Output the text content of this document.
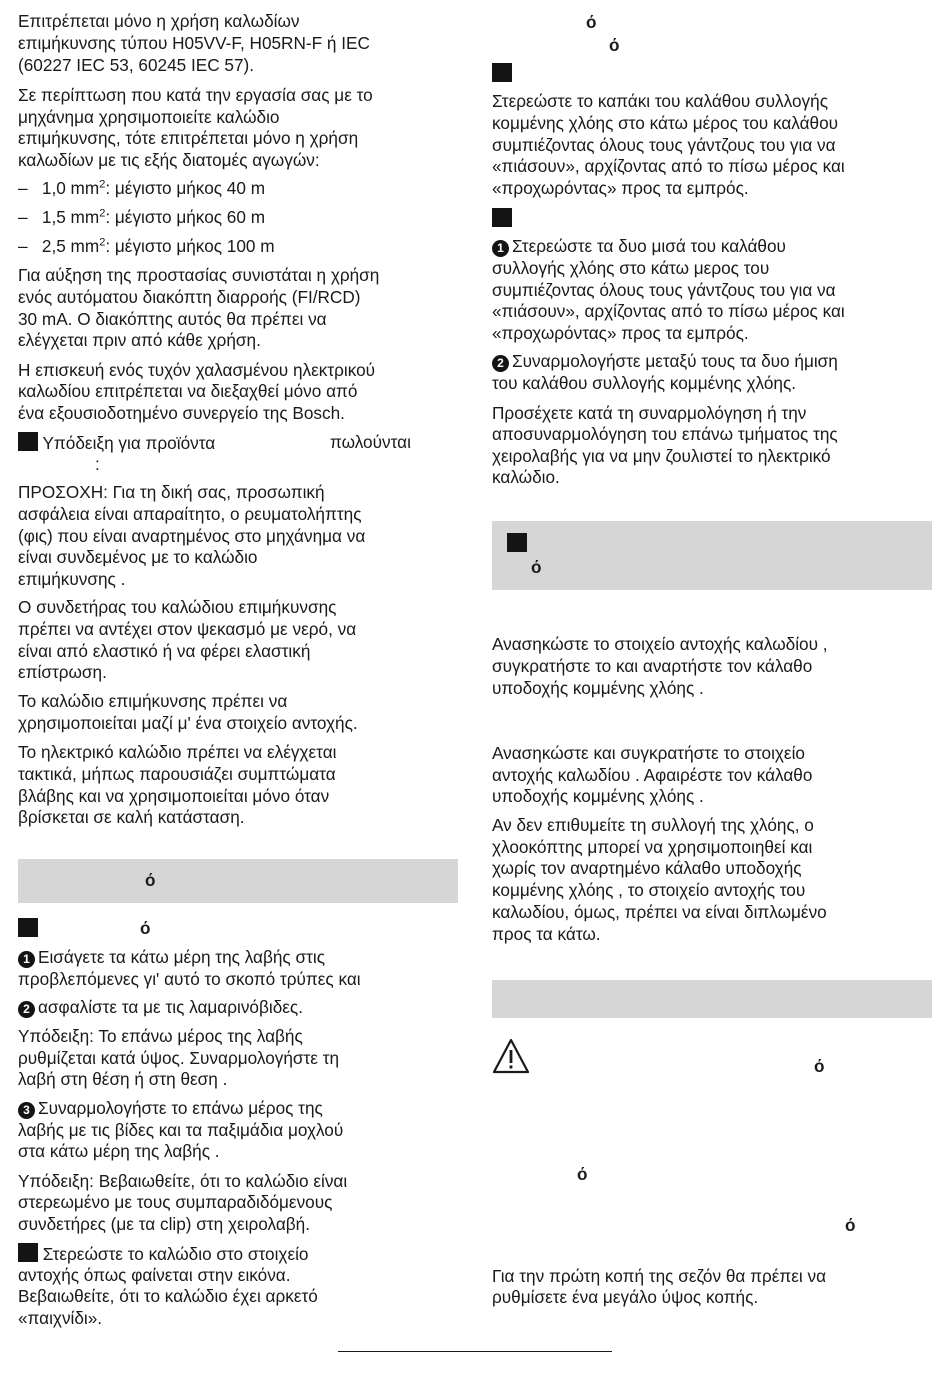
Επιτρέπεται μόνο η χρήση καλωδίων
επιμήκυνσης τύπου H05VV-F, H05RN-F ή IEC
(60227 IEC 53, 60245 IEC 57).
Σε περίπτωση που κατά την εργασία σας με το
μηχάνημα χρησιμοποιείτε καλώδιο
επιμήκυνσης, τότε επιτρέπεται μόνο η χρήση
καλωδίων με τις εξής διατομές αγωγών:
– 1,0 $mm^2$: μέγιστο μήκος 40 m
– 1,5 $mm^2$: μέγιστο μήκος 60 m
– 2,5 $mm^2$: μέγιστο μήκος 100 m
Για αύξηση της προστασίας συνιστάται η χρήση
ενός αυτόματου διακόπτη διαρροής (FI/RCD)
30 mA. Ο διακόπτης αυτός θα πρέπει να
ελέγχεται πριν από κάθε χρήση.
Η επισκευή ενός τυχόν χαλασμένου ηλεκτρικού
καλωδίου επιτρέπεται να διεξαχθεί μόνο από
ένα εξουσιοδοτημένο συνεργείο της Bosch.
Υπόδειξη για προϊόντα	πωλούνται
:
ΠΡΟΣΟΧΗ: Για τη δική σας, προσωπική
ασφάλεια είναι απαραίτητο, ο ρευματολήπτης
(φις) που είναι αναρτημένος στο μηχάνημα να
είναι συνδεμένος με το καλώδιο
επιμήκυνσης .
Ο συνδετήρας του καλώδιου επιμήκυνσης
πρέπει να αντέχει στον ψεκασμό με νερό, να
είναι από ελαστικό ή να φέρει ελαστική
επίστρωση.
Το καλώδιο επιμήκυνσης πρέπει να
χρησιμοποιείται μαζί μ' ένα στοιχείο αντοχής.
Το ηλεκτρικό καλώδιο πρέπει να ελέγχεται
τακτικά, μήπως παρουσιάζει συμπτώματα
βλάβης και να χρησιμοποιείται μόνο όταν
βρίσκεται σε καλή κατάσταση.
ό
ό
1 Εισάγετε τα κάτω μέρη της λαβής στις
προβλεπόμενες γι' αυτό το σκοπό τρύπες και
2 ασφαλίστε τα με τις λαμαρινόβιδες.
Υπόδειξη: Το επάνω μέρος της λαβής
ρυθμίζεται κατά ύψος. Συναρμολογήστε τη
λαβή στη θέση ή στη θεση .
3 Συναρμολογήστε το επάνω μέρος της
λαβής με τις βίδες και τα παξιμάδια μοχλού
στα κάτω μέρη της λαβής .
Υπόδειξη: Βεβαιωθείτε, ότι το καλώδιο είναι
στερεωμένο με τους συμπαραδιδόμενους
συνδετήρες (με τα clip) στη χειρολαβή.
Στερεώστε το καλώδιο στο στοιχείο
αντοχής όπως φαίνεται στην εικόνα.
Βεβαιωθείτε, ότι το καλώδιο έχει αρκετό
«παιχνίδι».
ό
ό
Στερεώστε το καπάκι του καλάθου συλλογής
κομμένης χλόης στο κάτω μέρος του καλάθου
συμπιέζοντας όλους τους γάντζους του για να
«πιάσουν», αρχίζοντας από το πίσω μέρος και
«προχωρόντας» προς τα εμπρός.
1 Στερεώστε τα δυο μισά του καλάθου
συλλογής χλόης στο κάτω μερος του
συμπιέζοντας όλους τους γάντζους του για να
«πιάσουν», αρχίζοντας από το πίσω μέρος και
«προχωρόντας» προς τα εμπρός.
2 Συναρμολογήστε μεταξύ τους τα δυο ήμιση
του καλάθου συλλογής κομμένης χλόης.
Προσέχετε κατά τη συναρμολόγηση ή την
αποσυναρμολόγηση του επάνω τμήματος της
χειρολαβής για να μην ζουλιστεί το ηλεκτρικό
καλώδιο.
ό
Ανασηκώστε το στοιχείο αντοχής καλωδίου ,
συγκρατήστε το και αναρτήστε τον κάλαθο
υποδοχής κομμένης χλόης .
Ανασηκώστε και συγκρατήστε το στοιχείο
αντοχής καλωδίου . Αφαιρέστε τον κάλαθο
υποδοχής κομμένης χλόης .
Αν δεν επιθυμείτε τη συλλογή της χλόης, ο
χλοοκόπτης μπορεί να χρησιμοποιηθεί και
χωρίς τον αναρτημένο κάλαθο υποδοχής
κομμένης χλόης , το στοιχείο αντοχής του
καλωδίου, όμως, πρέπει να είναι διπλωμένο
προς τα κάτω.
ό
ό
ό
Για την πρώτη κοπή της σεζόν θα πρέπει να
ρυθμίσετε ένα μεγάλο ύψος κοπής.
